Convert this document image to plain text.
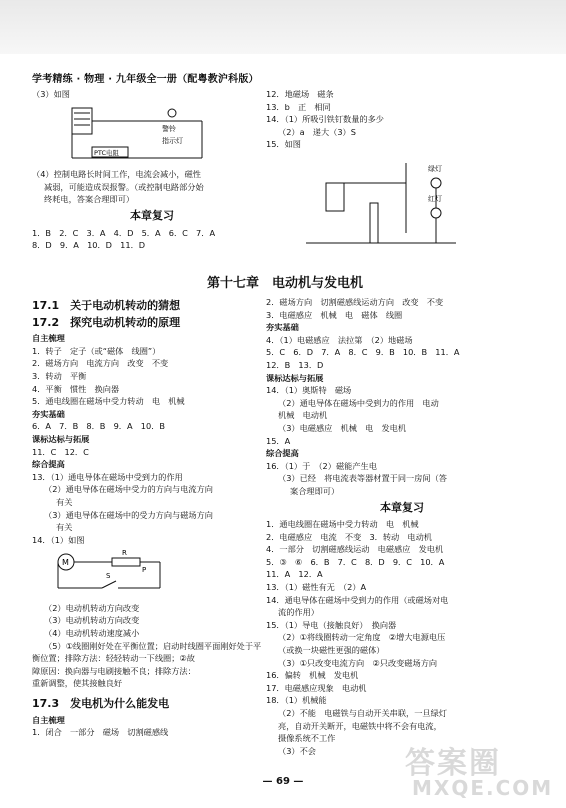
学考精练 · 物理 · 九年级全一册（配粤教沪科版）
（3）如图
警铃
指示灯
PTC电阻
（4）控制电路长时间工作，电流会减小，磁性
减弱，可能造成误报警。（或控制电路部分始
终耗电，答案合理即可）
本章复习
1．B　2．C　3．A　4．D　5．A　6．C　7．A
8．D　9．A　10．D　11．D
12．地磁场　磁条
13．b　正　相同
14．（1）所吸引铁钉数量的多少
（2）a　递大（3）S
15．如图
绿灯
红灯
第十七章　电动机与发电机
17.1　关于电动机转动的猜想
17.2　探究电动机转动的原理
自主梳理
1．转子　定子（或“磁体　线圈”）
2．磁场方向　电流方向　改变　不变
3．转动　平衡
4．平衡　惯性　换向器
5．通电线圈在磁场中受力转动　电　机械
夯实基础
6．A　7．B　8．B　9．A　10．B
课标达标与拓展
11．C　12．C
综合提高
13．（1）通电导体在磁场中受到力的作用
（2）通电导体在磁场中受力的方向与电流方向
有关
（3）通电导体在磁场中的受力方向与磁场方向
有关
14．（1）如图
M
R
P
S
（2）电动机转动方向改变
（3）电动机转动方向改变
（4）电动机转动速度减小
（5）①线圈刚好处在平衡位置；启动时线圈平面刚好处于平
衡位置；排除方法：轻轻转动一下线圈；②故
障原因：换向器与电刷接触不良；排除方法：
重新调整，使其接触良好
17.3　发电机为什么能发电
自主梳理
1．闭合　一部分　磁场　切割磁感线
2．磁场方向　切割磁感线运动方向　改变　不变
3．电磁感应　机械　电　磁体　线圈
夯实基础
4．（1）电磁感应　法拉第　（2）地磁场
5．C　6．D　7．A　8．C　9．B　10．B　11．A
12．B　13．D
课标达标与拓展
14．（1）奥斯特　磁场
（2）通电导体在磁场中受到力的作用　电动
机械　电动机
（3）电磁感应　机械　电　发电机
15．A
综合提高
16．（1）于　（2）磁能产生电
（3）已经　将电流表等器材置于同一房间（答
案合理即可）
本章复习
1．通电线圈在磁场中受力转动　电　机械
2．电磁感应　电流　不变　3．转动　电动机
4．一部分　切割磁感线运动　电磁感应　发电机
5．③　⑥　6．B　7．C　8．D　9．C　10．A
11．A　12．A
13．（1）磁性有无　（2）A
14．通电导体在磁场中受到力的作用（或磁场对电
流的作用）
15．（1）导电（接触良好）　换向器
（2）①将线圈转动一定角度　②增大电源电压
（或换一块磁性更强的磁体）
（3）①只改变电流方向　②只改变磁场方向
16．偏转　机械　发电机
17．电磁感应现象　电动机
18．（1）机械能
（2）不能　电磁铁与自动开关串联，一旦绿灯
亮，自动开关断开，电磁铁中将不会有电流，
摄像系统不工作
（3）不会
— 69 —
答案圈
MXQE.COM
